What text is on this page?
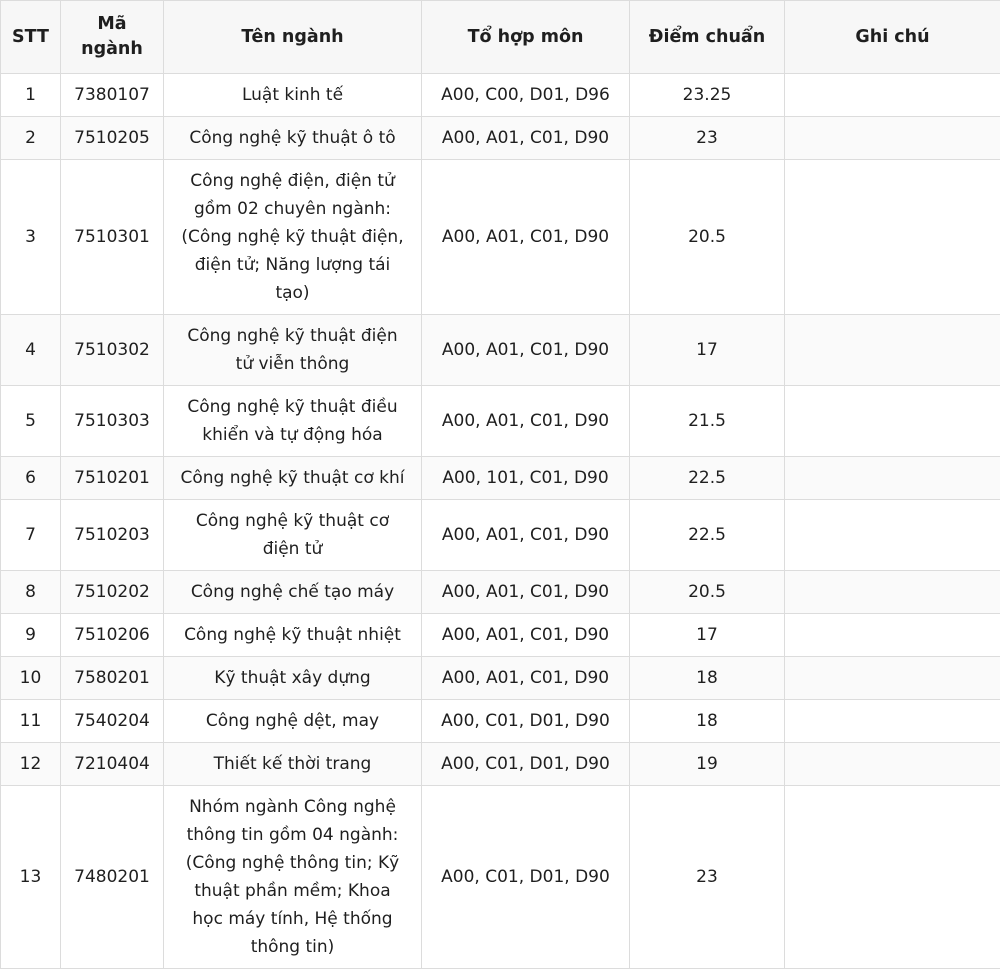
STT	Mã ngành	Tên ngành	Tổ hợp môn	Điểm chuẩn	Ghi chú
1	7380107	Luật kinh tế	A00, C00, D01, D96	23.25	
2	7510205	Công nghệ kỹ thuật ô tô	A00, A01, C01, D90	23	
3	7510301	Công nghệ điện, điện tử gồm 02 chuyên ngành: (Công nghệ kỹ thuật điện, điện tử; Năng lượng tái tạo)	A00, A01, C01, D90	20.5	
4	7510302	Công nghệ kỹ thuật điện tử viễn thông	A00, A01, C01, D90	17	
5	7510303	Công nghệ kỹ thuật điều khiển và tự động hóa	A00, A01, C01, D90	21.5	
6	7510201	Công nghệ kỹ thuật cơ khí	A00, 101, C01, D90	22.5	
7	7510203	Công nghệ kỹ thuật cơ điện tử	A00, A01, C01, D90	22.5	
8	7510202	Công nghệ chế tạo máy	A00, A01, C01, D90	20.5	
9	7510206	Công nghệ kỹ thuật nhiệt	A00, A01, C01, D90	17	
10	7580201	Kỹ thuật xây dựng	A00, A01, C01, D90	18	
11	7540204	Công nghệ dệt, may	A00, C01, D01, D90	18	
12	7210404	Thiết kế thời trang	A00, C01, D01, D90	19	
13	7480201	Nhóm ngành Công nghệ thông tin gồm 04 ngành: (Công nghệ thông tin; Kỹ thuật phần mềm; Khoa học máy tính, Hệ thống thông tin)	A00, C01, D01, D90	23	
